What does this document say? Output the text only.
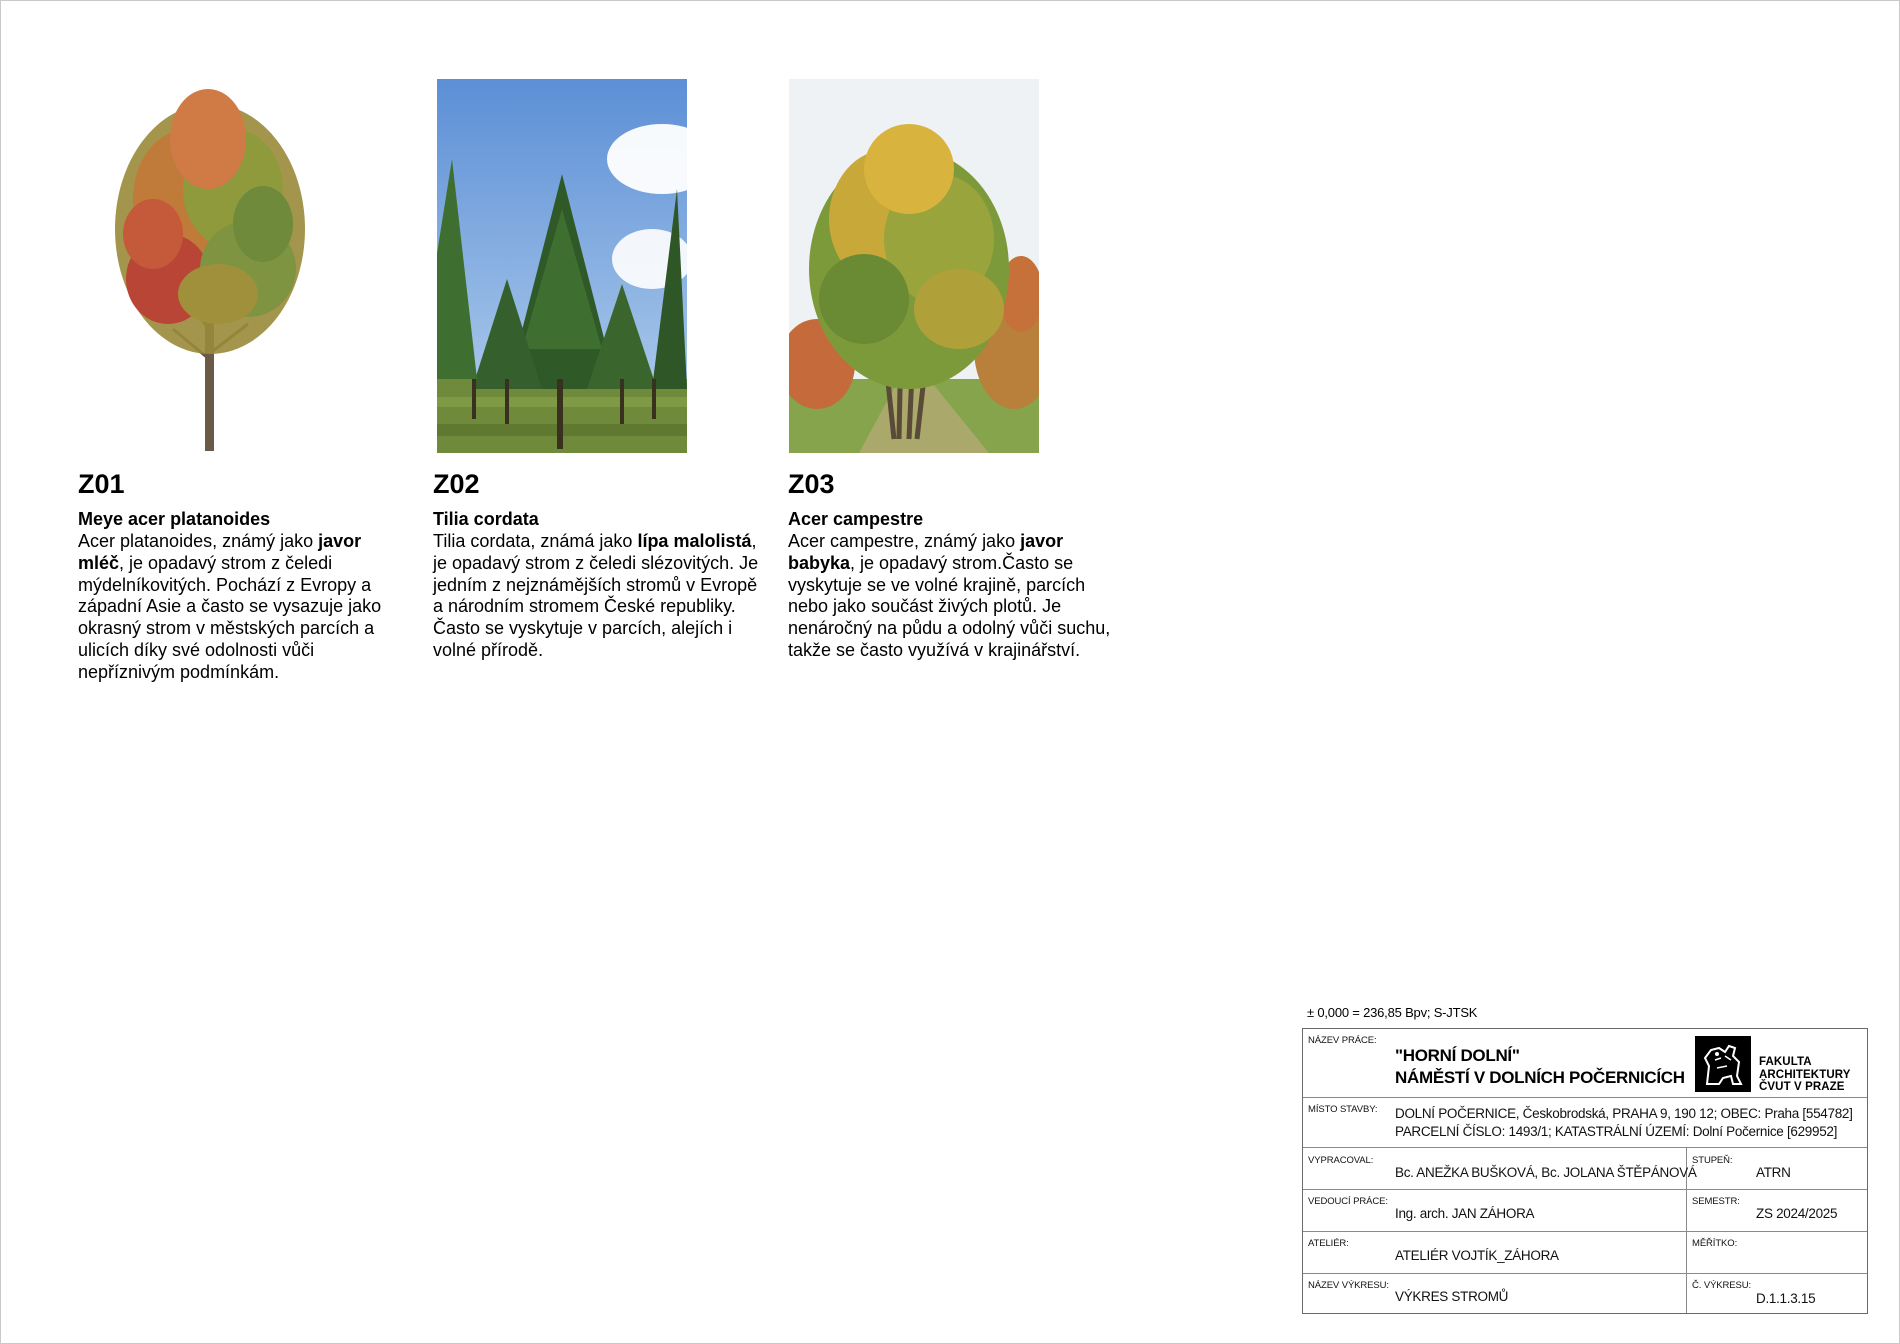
Z01
Meye acer platanoides
Acer platanoides, známý jako javor mléč, je opadavý strom z čeledi mýdelníkovitých. Pochází z Evropy a západní Asie a často se vysazuje jako okrasný strom v městských parcích a ulicích díky své odolnosti vůči nepříznivým podmínkám.
Z02
Tilia cordata
Tilia cordata, známá jako lípa malolistá, je opadavý strom z čeledi slézovitých. Je jedním z nejznámějších stromů v Evropě a národním stromem České republiky. Často se vyskytuje v parcích, alejích i volné přírodě.
Z03
Acer campestre
Acer campestre, známý jako javor babyka, je opadavý strom.Často se vyskytuje se ve volné krajině, parcích nebo jako součást živých plotů. Je nenáročný na půdu a odolný vůči suchu, takže se často využívá v krajinářství.
± 0,000 = 236,85 Bpv; S-JTSK
NÁZEV PRÁCE:
"HORNÍ DOLNÍ"
NÁMĚSTÍ V DOLNÍCH POČERNICÍCH
FAKULTA
ARCHITEKTURY
ČVUT V PRAZE
MÍSTO STAVBY: DOLNÍ POČERNICE, Českobrodská, PRAHA 9, 190 12; OBEC: Praha [554782]
PARCELNÍ ČÍSLO: 1493/1; KATASTRÁLNÍ ÚZEMÍ: Dolní Počernice [629952]
VYPRACOVAL:
Bc. ANEŽKA BUŠKOVÁ, Bc. JOLANA ŠTĚPÁNOVÁ
STUPEŇ:
ATRN
VEDOUCÍ PRÁCE:
Ing. arch. JAN ZÁHORA
SEMESTR:
ZS 2024/2025
ATELIÉR:
ATELIÉR VOJTÍK_ZÁHORA
MĚŘÍTKO:
NÁZEV VÝKRESU:
VÝKRES STROMŮ
Č. VÝKRESU:
D.1.1.3.15
